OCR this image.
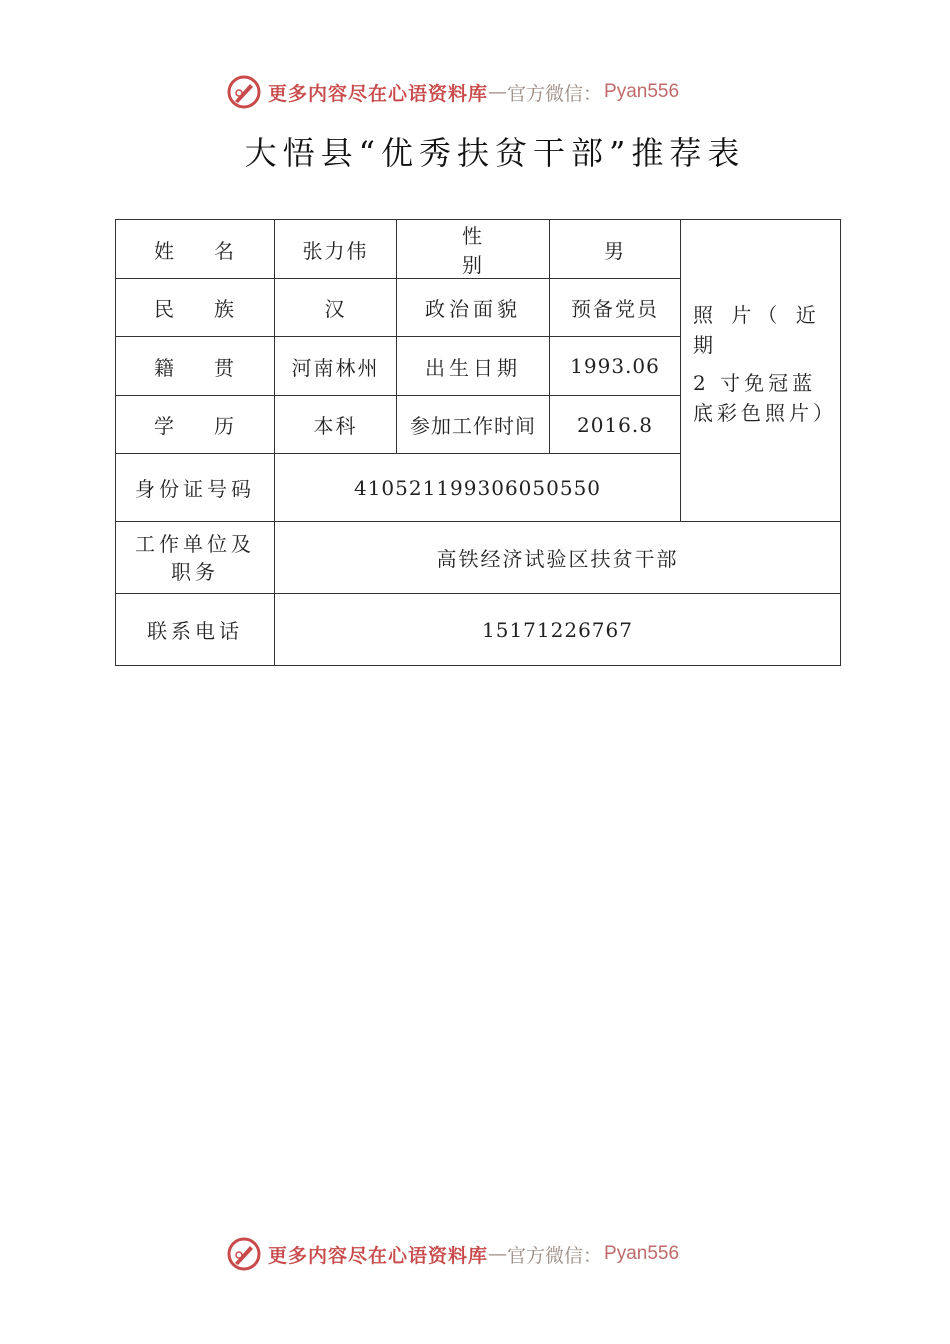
更多内容尽在心语资料库 — 官方微信： Pyan556
大悟县“优秀扶贫干部”推荐表
姓名	张力伟	性别	男	照 片（ 近期
2 寸免冠蓝底彩色照片）

民族	汉	政治面貌	预备党员	
籍贯	河南林州	出生日期	1993.06	
学历	本科	参加工作时间	2016.8	
身份证号码	410521199306050550			
工作单位及
职务	高铁经济试验区扶贫干部			
联系电话	15171226767			
更多内容尽在心语资料库 — 官方微信： Pyan556
